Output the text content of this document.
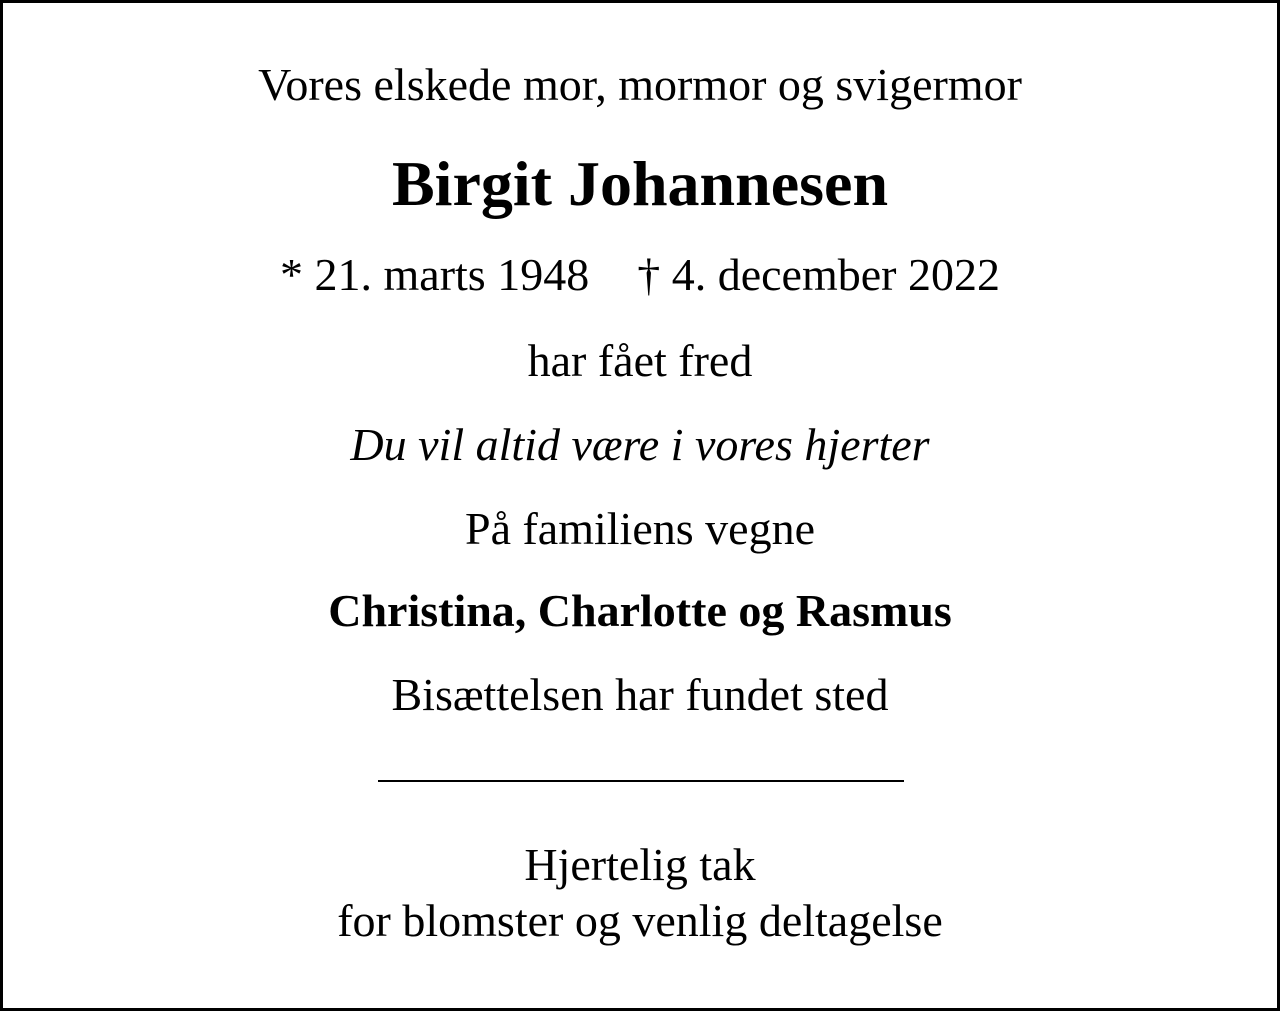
Vores elskede mor, mormor og svigermor
Birgit Johannesen
* 21. marts 1948 † 4. december 2022
har fået fred
Du vil altid være i vores hjerter
På familiens vegne
Christina, Charlotte og Rasmus
Bisættelsen har fundet sted
Hjertelig tak
for blomster og venlig deltagelse
